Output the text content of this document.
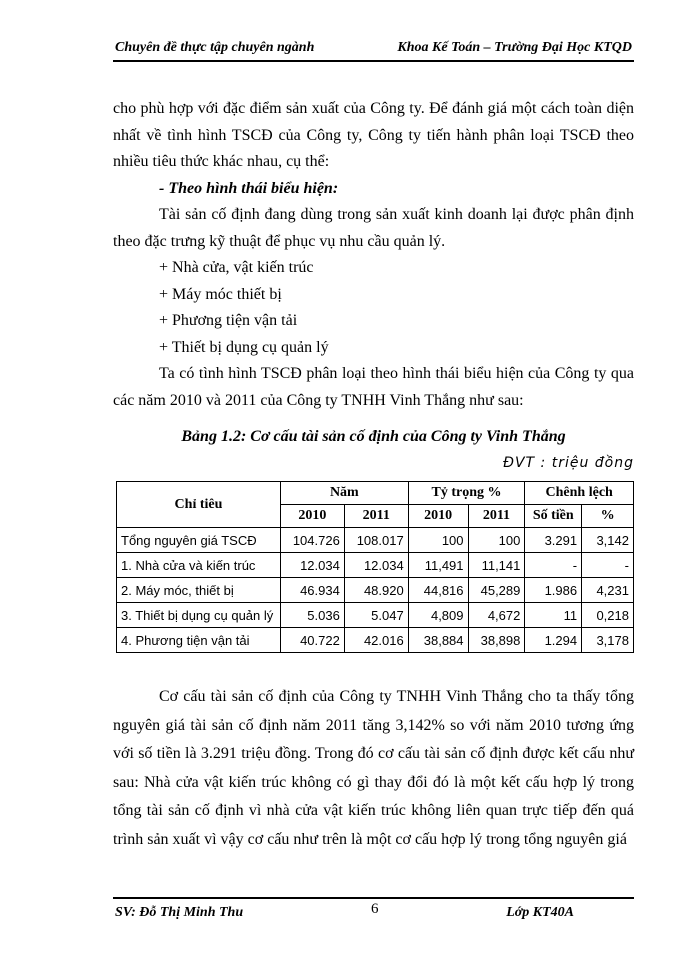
Chuyên đề thực tập chuyên ngành	Khoa Kế Toán – Trường Đại Học KTQD

cho phù hợp với đặc điểm sản xuất của Công ty. Để đánh giá một cách toàn diện nhất về tình hình TSCĐ của Công ty, Công ty tiến hành phân loại TSCĐ theo nhiều tiêu thức khác nhau, cụ thể:

- Theo hình thái biểu hiện:

Tài sản cố định đang dùng trong sản xuất kinh doanh lại được phân định theo đặc trưng kỹ thuật để phục vụ nhu cầu quản lý.

+ Nhà cửa, vật kiến trúc

+ Máy móc thiết bị

+ Phương tiện vận tải

+ Thiết bị dụng cụ quản lý

Ta có tình hình TSCĐ phân loại theo hình thái biểu hiện của Công ty qua các năm 2010 và 2011 của Công ty TNHH Vinh Thắng như sau:

Bảng 1.2: Cơ cấu tài sản cố định của Công ty Vinh Thắng
ĐVT : triệu đồng
Chỉ tiêu	Năm		Tỷ trọng %		Chênh lệch	
	2010	2011	2010	2011	Số tiền	%
Tổng nguyên giá TSCĐ	104.726	108.017	100	100	3.291	3,142
1. Nhà cửa và kiến trúc	12.034	12.034	11,491	11,141	-	-
2. Máy móc, thiết bị	46.934	48.920	44,816	45,289	1.986	4,231
3. Thiết bị dụng cụ quản lý	5.036	5.047	4,809	4,672	11	0,218
4. Phương tiện vận tải	40.722	42.016	38,884	38,898	1.294	3,178

Cơ cấu tài sản cố định của Công ty TNHH Vinh Thắng cho ta thấy tổng nguyên giá tài sản cố định năm 2011 tăng 3,142% so với năm 2010 tương ứng với số tiền là 3.291 triệu đồng. Trong đó cơ cấu tài sản cố định được kết cấu như sau: Nhà cửa vật kiến trúc không có gì thay đổi đó là một kết cấu hợp lý trong tổng tài sản cố định vì nhà cửa vật kiến trúc không liên quan trực tiếp đến quá trình sản xuất vì vậy cơ cấu như trên là một cơ cấu hợp lý trong tổng nguyên giá

SV: Đỗ Thị Minh Thu	6	Lớp KT40A
